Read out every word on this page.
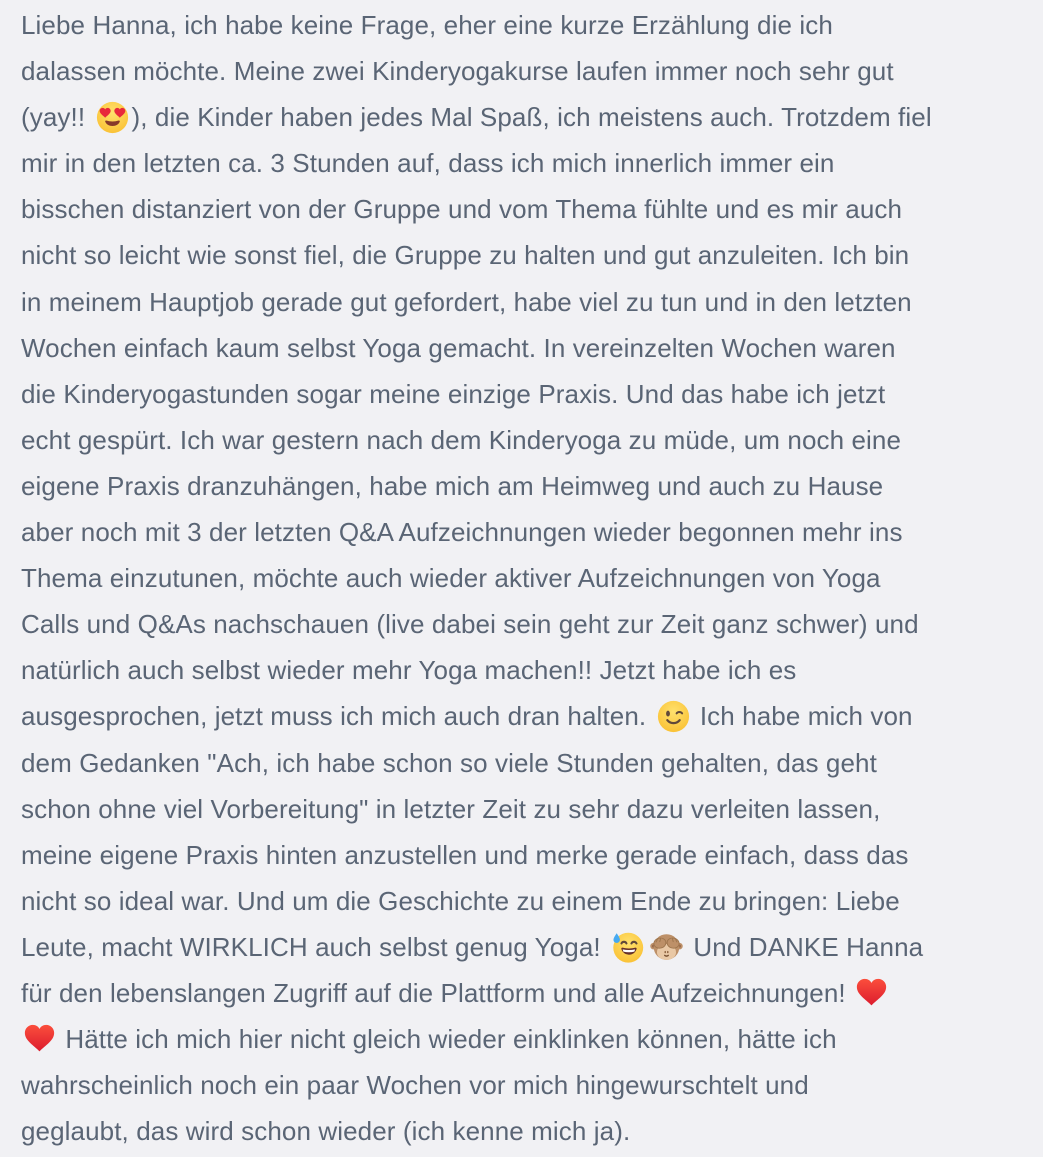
Liebe Hanna, ich habe keine Frage, eher eine kurze Erzählung die ich
dalassen möchte. Meine zwei Kinderyogakurse laufen immer noch sehr gut
(yay!! ), die Kinder haben jedes Mal Spaß, ich meistens auch. Trotzdem fiel
mir in den letzten ca. 3 Stunden auf, dass ich mich innerlich immer ein
bisschen distanziert von der Gruppe und vom Thema fühlte und es mir auch
nicht so leicht wie sonst fiel, die Gruppe zu halten und gut anzuleiten. Ich bin
in meinem Hauptjob gerade gut gefordert, habe viel zu tun und in den letzten
Wochen einfach kaum selbst Yoga gemacht. In vereinzelten Wochen waren
die Kinderyogastunden sogar meine einzige Praxis. Und das habe ich jetzt
echt gespürt. Ich war gestern nach dem Kinderyoga zu müde, um noch eine
eigene Praxis dranzuhängen, habe mich am Heimweg und auch zu Hause
aber noch mit 3 der letzten Q&A Aufzeichnungen wieder begonnen mehr ins
Thema einzutunen, möchte auch wieder aktiver Aufzeichnungen von Yoga
Calls und Q&As nachschauen (live dabei sein geht zur Zeit ganz schwer) und
natürlich auch selbst wieder mehr Yoga machen!! Jetzt habe ich es
ausgesprochen, jetzt muss ich mich auch dran halten.  Ich habe mich von
dem Gedanken "Ach, ich habe schon so viele Stunden gehalten, das geht
schon ohne viel Vorbereitung" in letzter Zeit zu sehr dazu verleiten lassen,
meine eigene Praxis hinten anzustellen und merke gerade einfach, dass das
nicht so ideal war. Und um die Geschichte zu einem Ende zu bringen: Liebe
Leute, macht WIRKLICH auch selbst genug Yoga!	Und DANKE Hanna
für den lebenslangen Zugriff auf die Plattform und alle Aufzeichnungen!
Hätte ich mich hier nicht gleich wieder einklinken können, hätte ich
wahrscheinlich noch ein paar Wochen vor mich hingewurschtelt und
geglaubt, das wird schon wieder (ich kenne mich ja).
